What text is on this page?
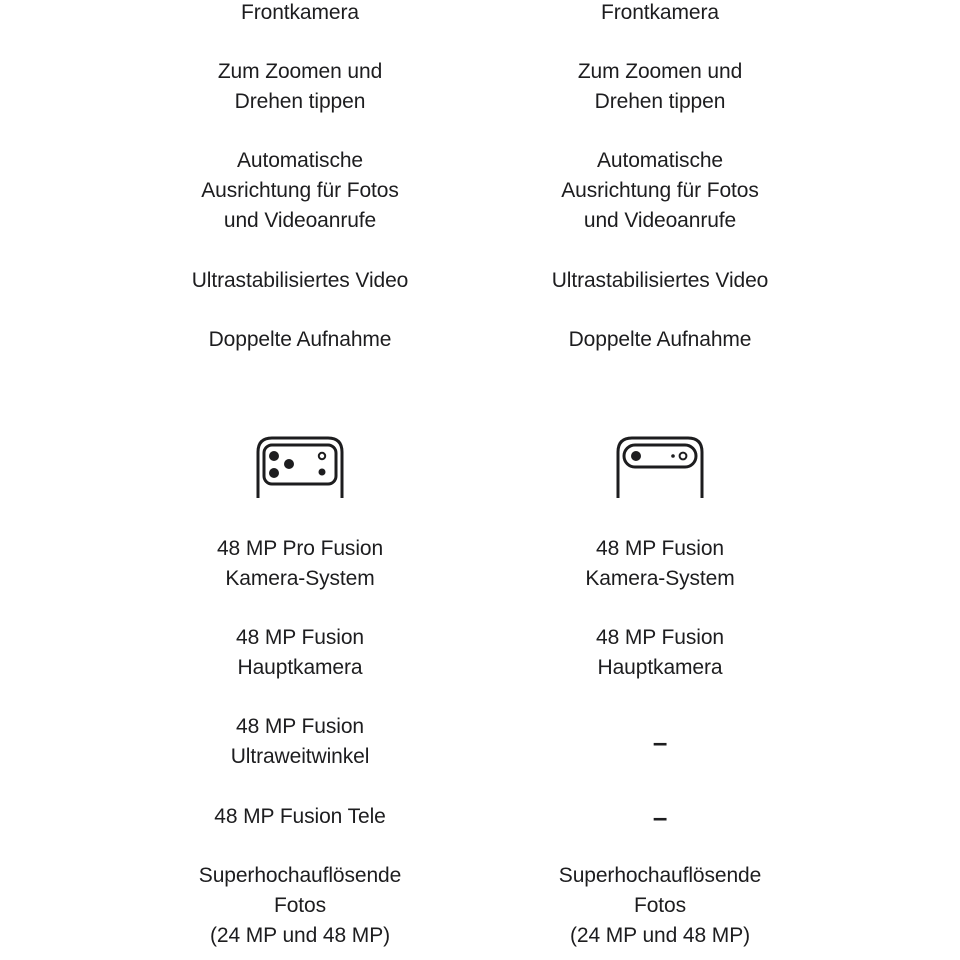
Frontkamera
Zum Zoomen und
Drehen tippen
Automatische
Ausrichtung für Fotos
und Videoanrufe
Ultrastabilisiertes Video
Doppelte Aufnahme
48 MP Pro Fusion
Kamera-System
48 MP Fusion
Hauptkamera
48 MP Fusion
Ultraweitwinkel
48 MP Fusion Tele
Superhochauflösende
Fotos
(24 MP und 48 MP)
Frontkamera
Zum Zoomen und
Drehen tippen
Automatische
Ausrichtung für Fotos
und Videoanrufe
Ultrastabilisiertes Video
Doppelte Aufnahme
48 MP Fusion
Kamera-System
48 MP Fusion
Hauptkamera
–
–
Superhochauflösende
Fotos
(24 MP und 48 MP)
